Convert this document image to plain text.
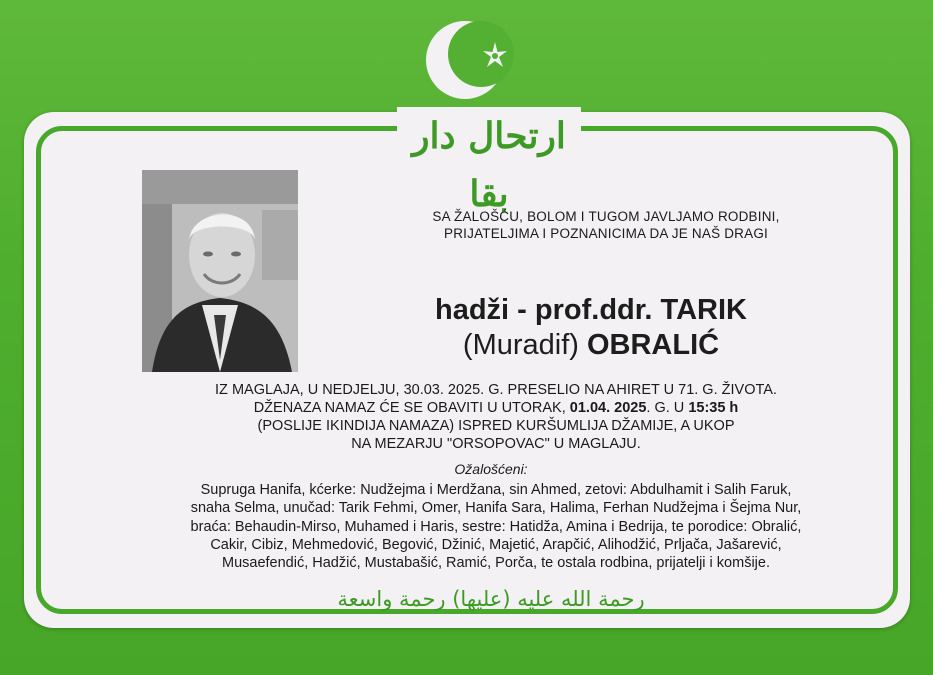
ارتحال دار بقا
SA ŽALOŠĆU, BOLOM I TUGOM JAVLJAMO RODBINI,
PRIJATELJIMA I POZNANICIMA DA JE NAŠ DRAGI
hadži - prof.ddr. TARIK
(Muradif) OBRALIĆ
IZ MAGLAJA, U NEDJELJU, 30.03. 2025. G. PRESELIO NA AHIRET U 71. G. ŽIVOTA.
DŽENAZA NAMAZ ĆE SE OBAVITI U UTORAK, 01.04. 2025. G. U 15:35 h
(POSLIJE IKINDIJA NAMAZA) ISPRED KURŠUMLIJA DŽAMIJE, A UKOP
NA MEZARJU "ORSOPOVAC" U MAGLAJU.
Ožalošćeni:
Supruga Hanifa, kćerke: Nudžejma i Merdžana, sin Ahmed, zetovi: Abdulhamit i Salih Faruk,
snaha Selma, unučad: Tarik Fehmi, Omer, Hanifa Sara, Halima, Ferhan Nudžejma i Šejma Nur,
braća: Behaudin-Mirso, Muhamed i Haris, sestre: Hatidža, Amina i Bedrija, te porodice: Obralić,
Cakir, Cibiz, Mehmedović, Begović, Džinić, Majetić, Arapčić, Alihodžić, Prljača, Jašarević,
Musaefendić, Hadžić, Mustabašić, Ramić, Porča, te ostala rodbina, prijatelji i komšije.
رحمة الله عليه (عليها) رحمة واسعة
